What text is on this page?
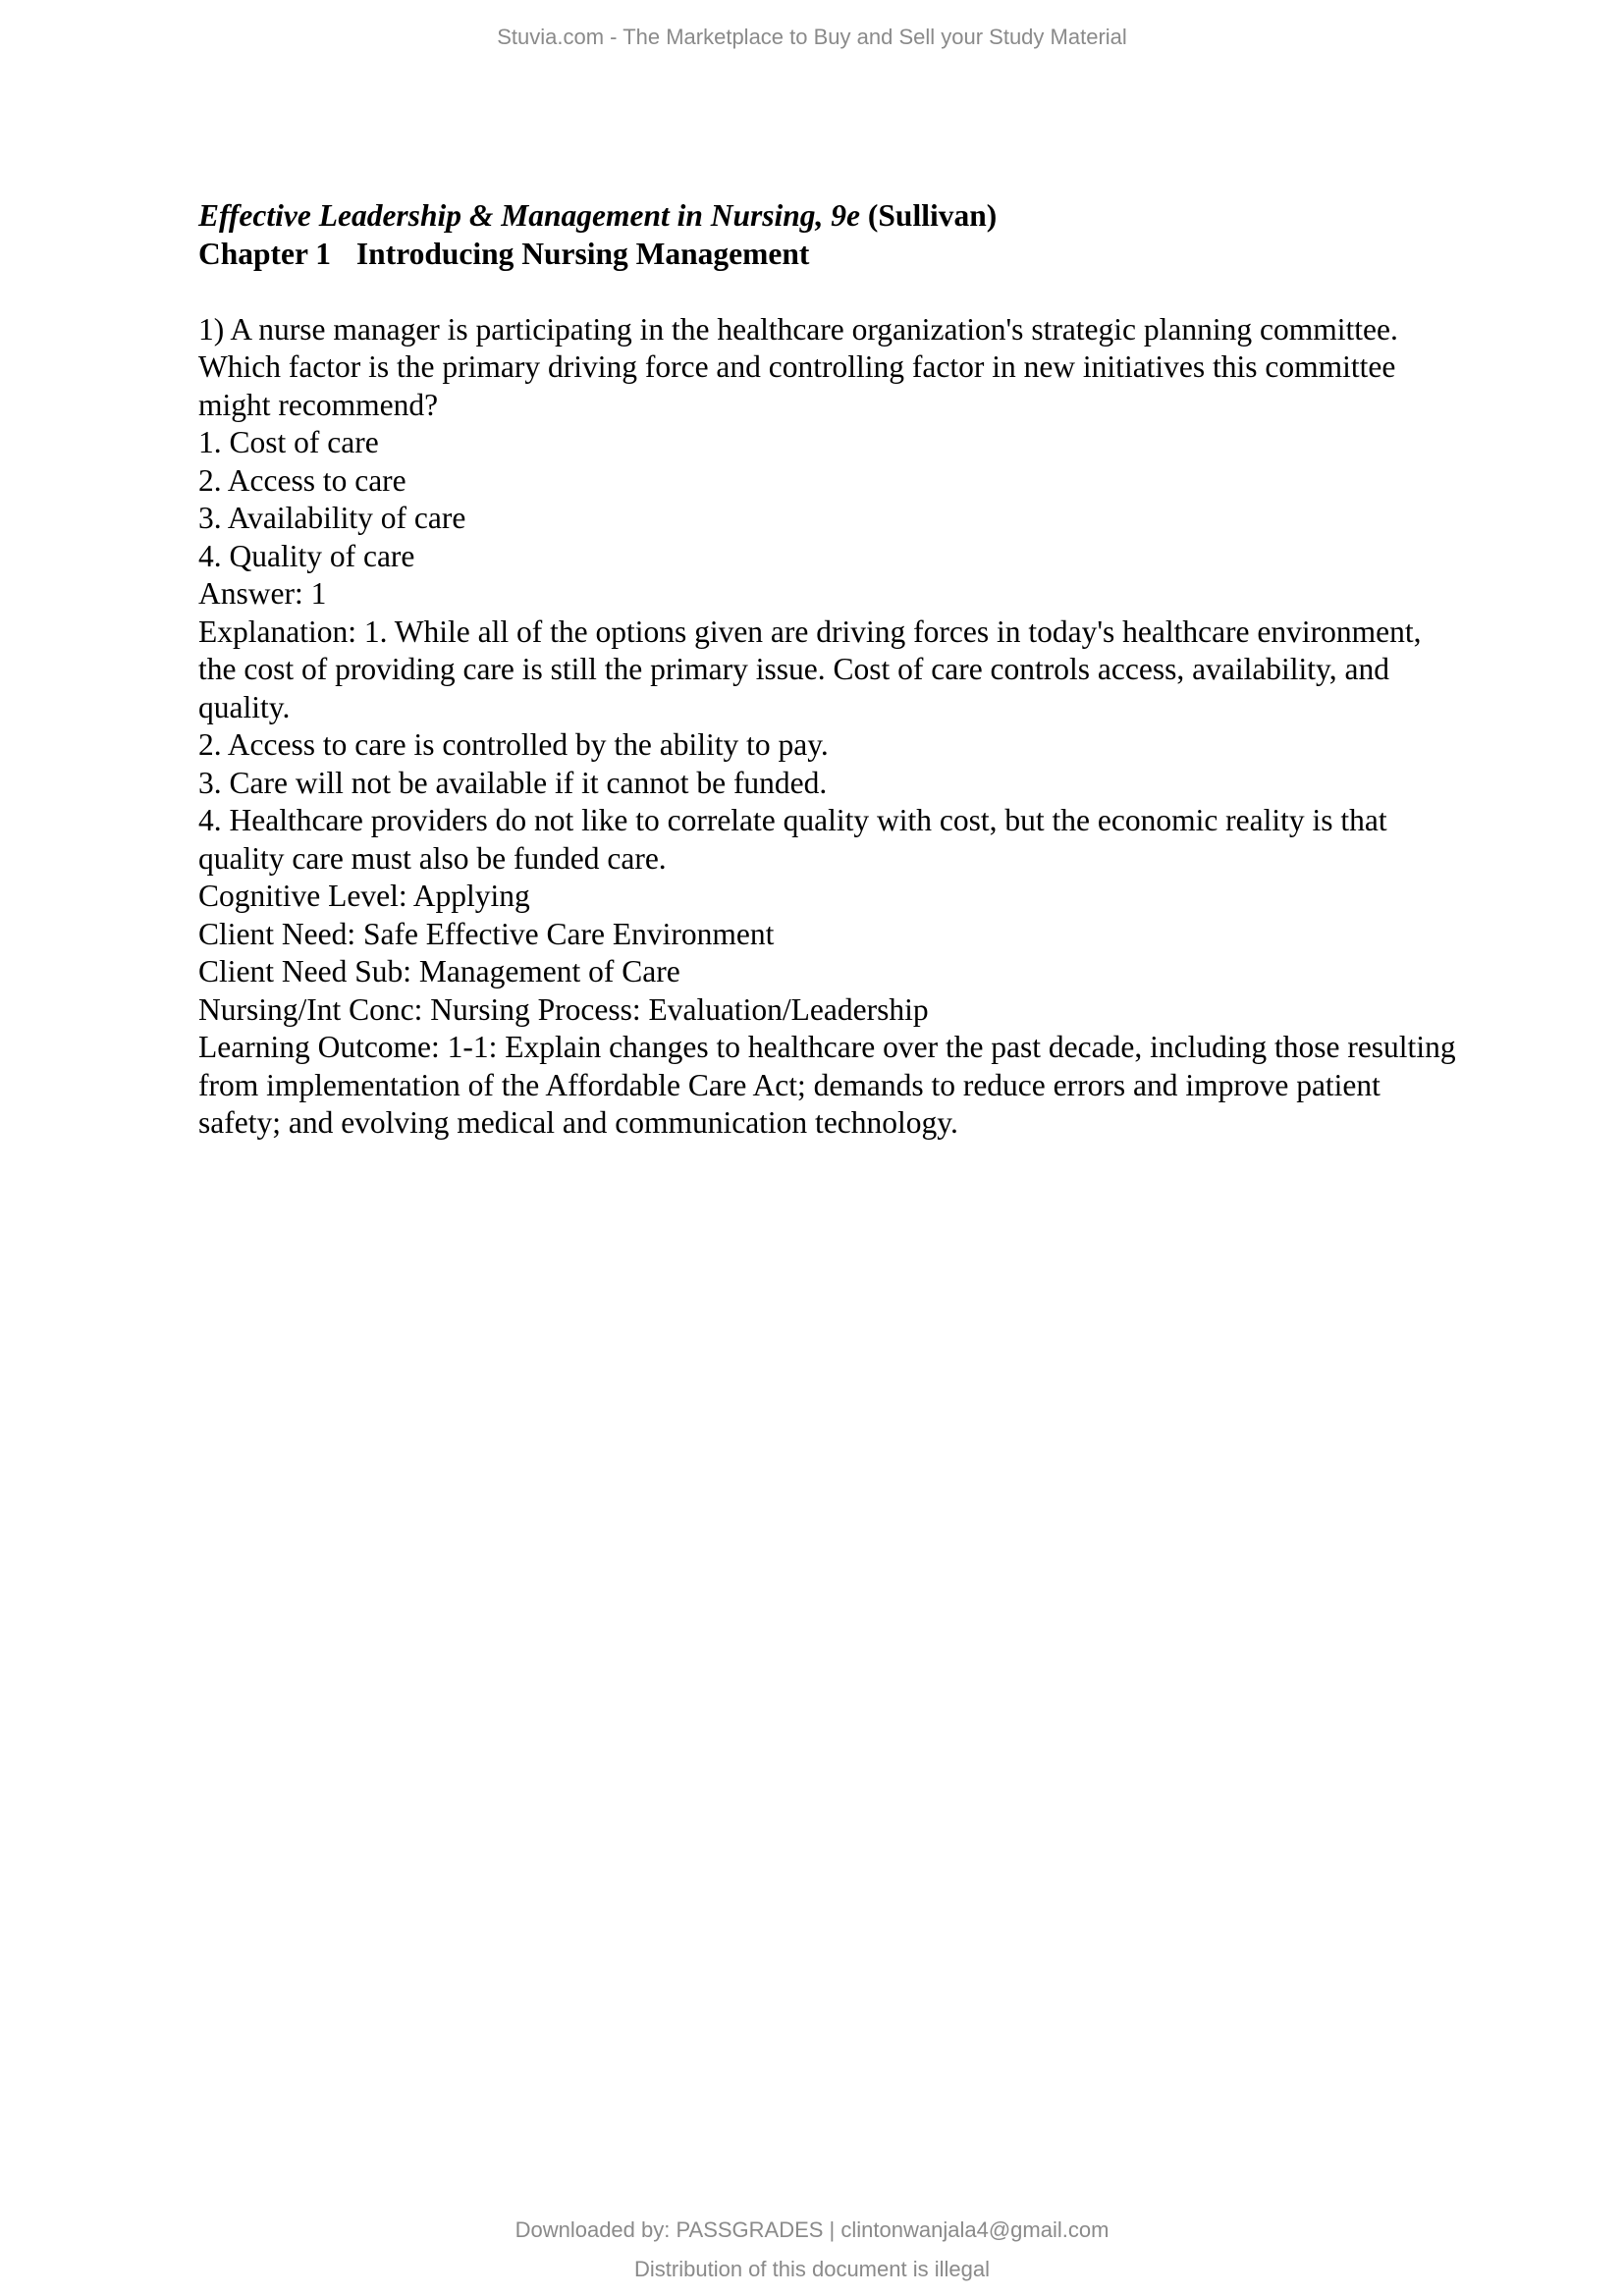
Stuvia.com - The Marketplace to Buy and Sell your Study Material

Effective Leadership & Management in Nursing, 9e (Sullivan)

Chapter 1 Introducing Nursing Management

1) A nurse manager is participating in the healthcare organization's strategic planning committee. Which factor is the primary driving force and controlling factor in new initiatives this committee might recommend?

1. Cost of care

2. Access to care

3. Availability of care

4. Quality of care

Answer: 1

Explanation: 1. While all of the options given are driving forces in today's healthcare environment, the cost of providing care is still the primary issue. Cost of care controls access, availability, and quality.

2. Access to care is controlled by the ability to pay.

3. Care will not be available if it cannot be funded.

4. Healthcare providers do not like to correlate quality with cost, but the economic reality is that quality care must also be funded care.

Cognitive Level: Applying

Client Need: Safe Effective Care Environment

Client Need Sub: Management of Care

Nursing/Int Conc: Nursing Process: Evaluation/Leadership

Learning Outcome: 1-1: Explain changes to healthcare over the past decade, including those resulting from implementation of the Affordable Care Act; demands to reduce errors and improve patient safety; and evolving medical and communication technology.

Downloaded by: PASSGRADES | clintonwanjala4@gmail.com
Distribution of this document is illegal
